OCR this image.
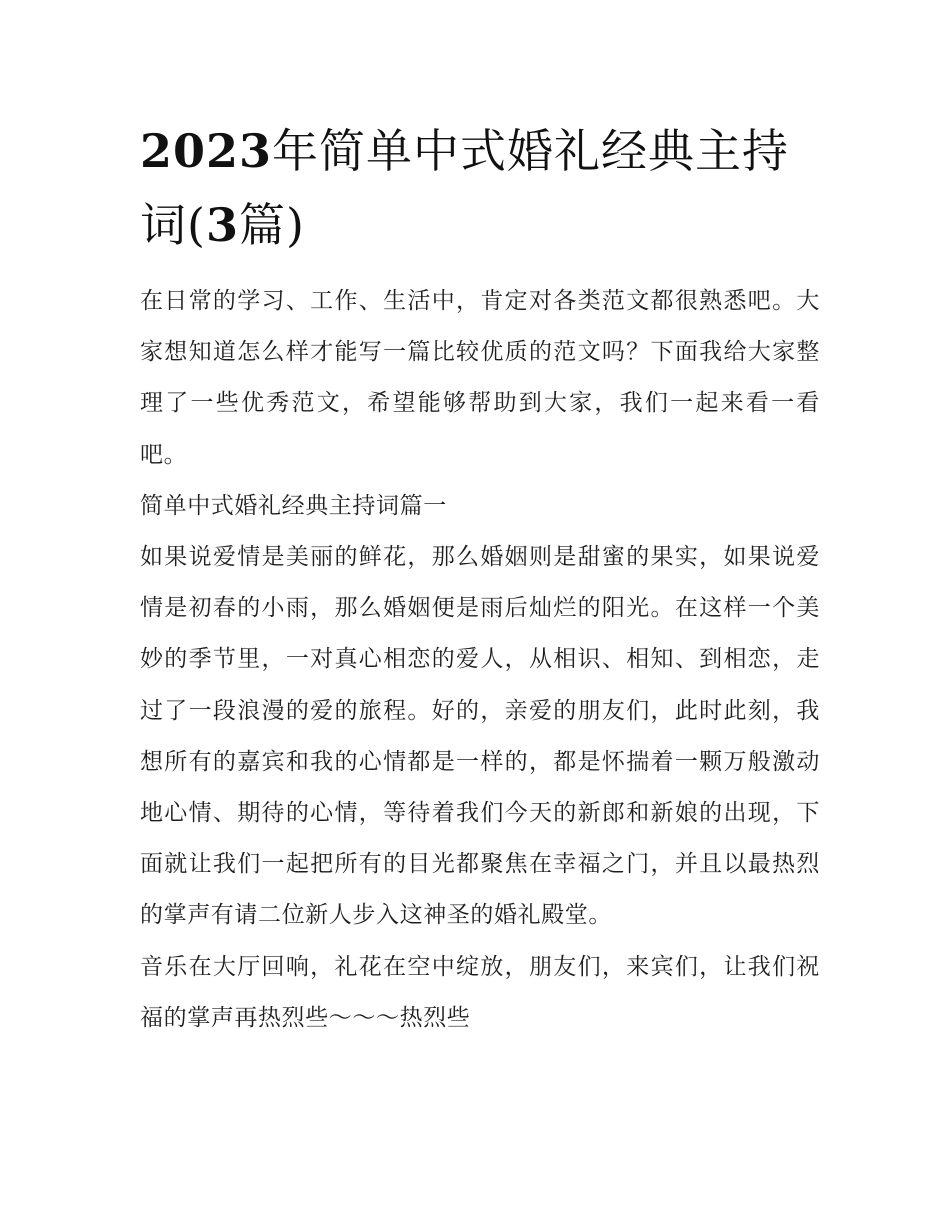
2023年简单中式婚礼经典主持词(3篇)

在日常的学习、工作、生活中，肯定对各类范文都很熟悉吧。大家想知道怎么样才能写一篇比较优质的范文吗？下面我给大家整理了一些优秀范文，希望能够帮助到大家，我们一起来看一看吧。

简单中式婚礼经典主持词篇一

如果说爱情是美丽的鲜花，那么婚姻则是甜蜜的果实，如果说爱情是初春的小雨，那么婚姻便是雨后灿烂的阳光。在这样一个美妙的季节里，一对真心相恋的爱人，从相识、相知、到相恋，走过了一段浪漫的爱的旅程。好的，亲爱的朋友们，此时此刻，我想所有的嘉宾和我的心情都是一样的，都是怀揣着一颗万般激动地心情、期待的心情，等待着我们今天的新郎和新娘的出现，下面就让我们一起把所有的目光都聚焦在幸福之门，并且以最热烈的掌声有请二位新人步入这神圣的婚礼殿堂。

音乐在大厅回响，礼花在空中绽放，朋友们，来宾们，让我们祝福的掌声再热烈些～～～热烈些
